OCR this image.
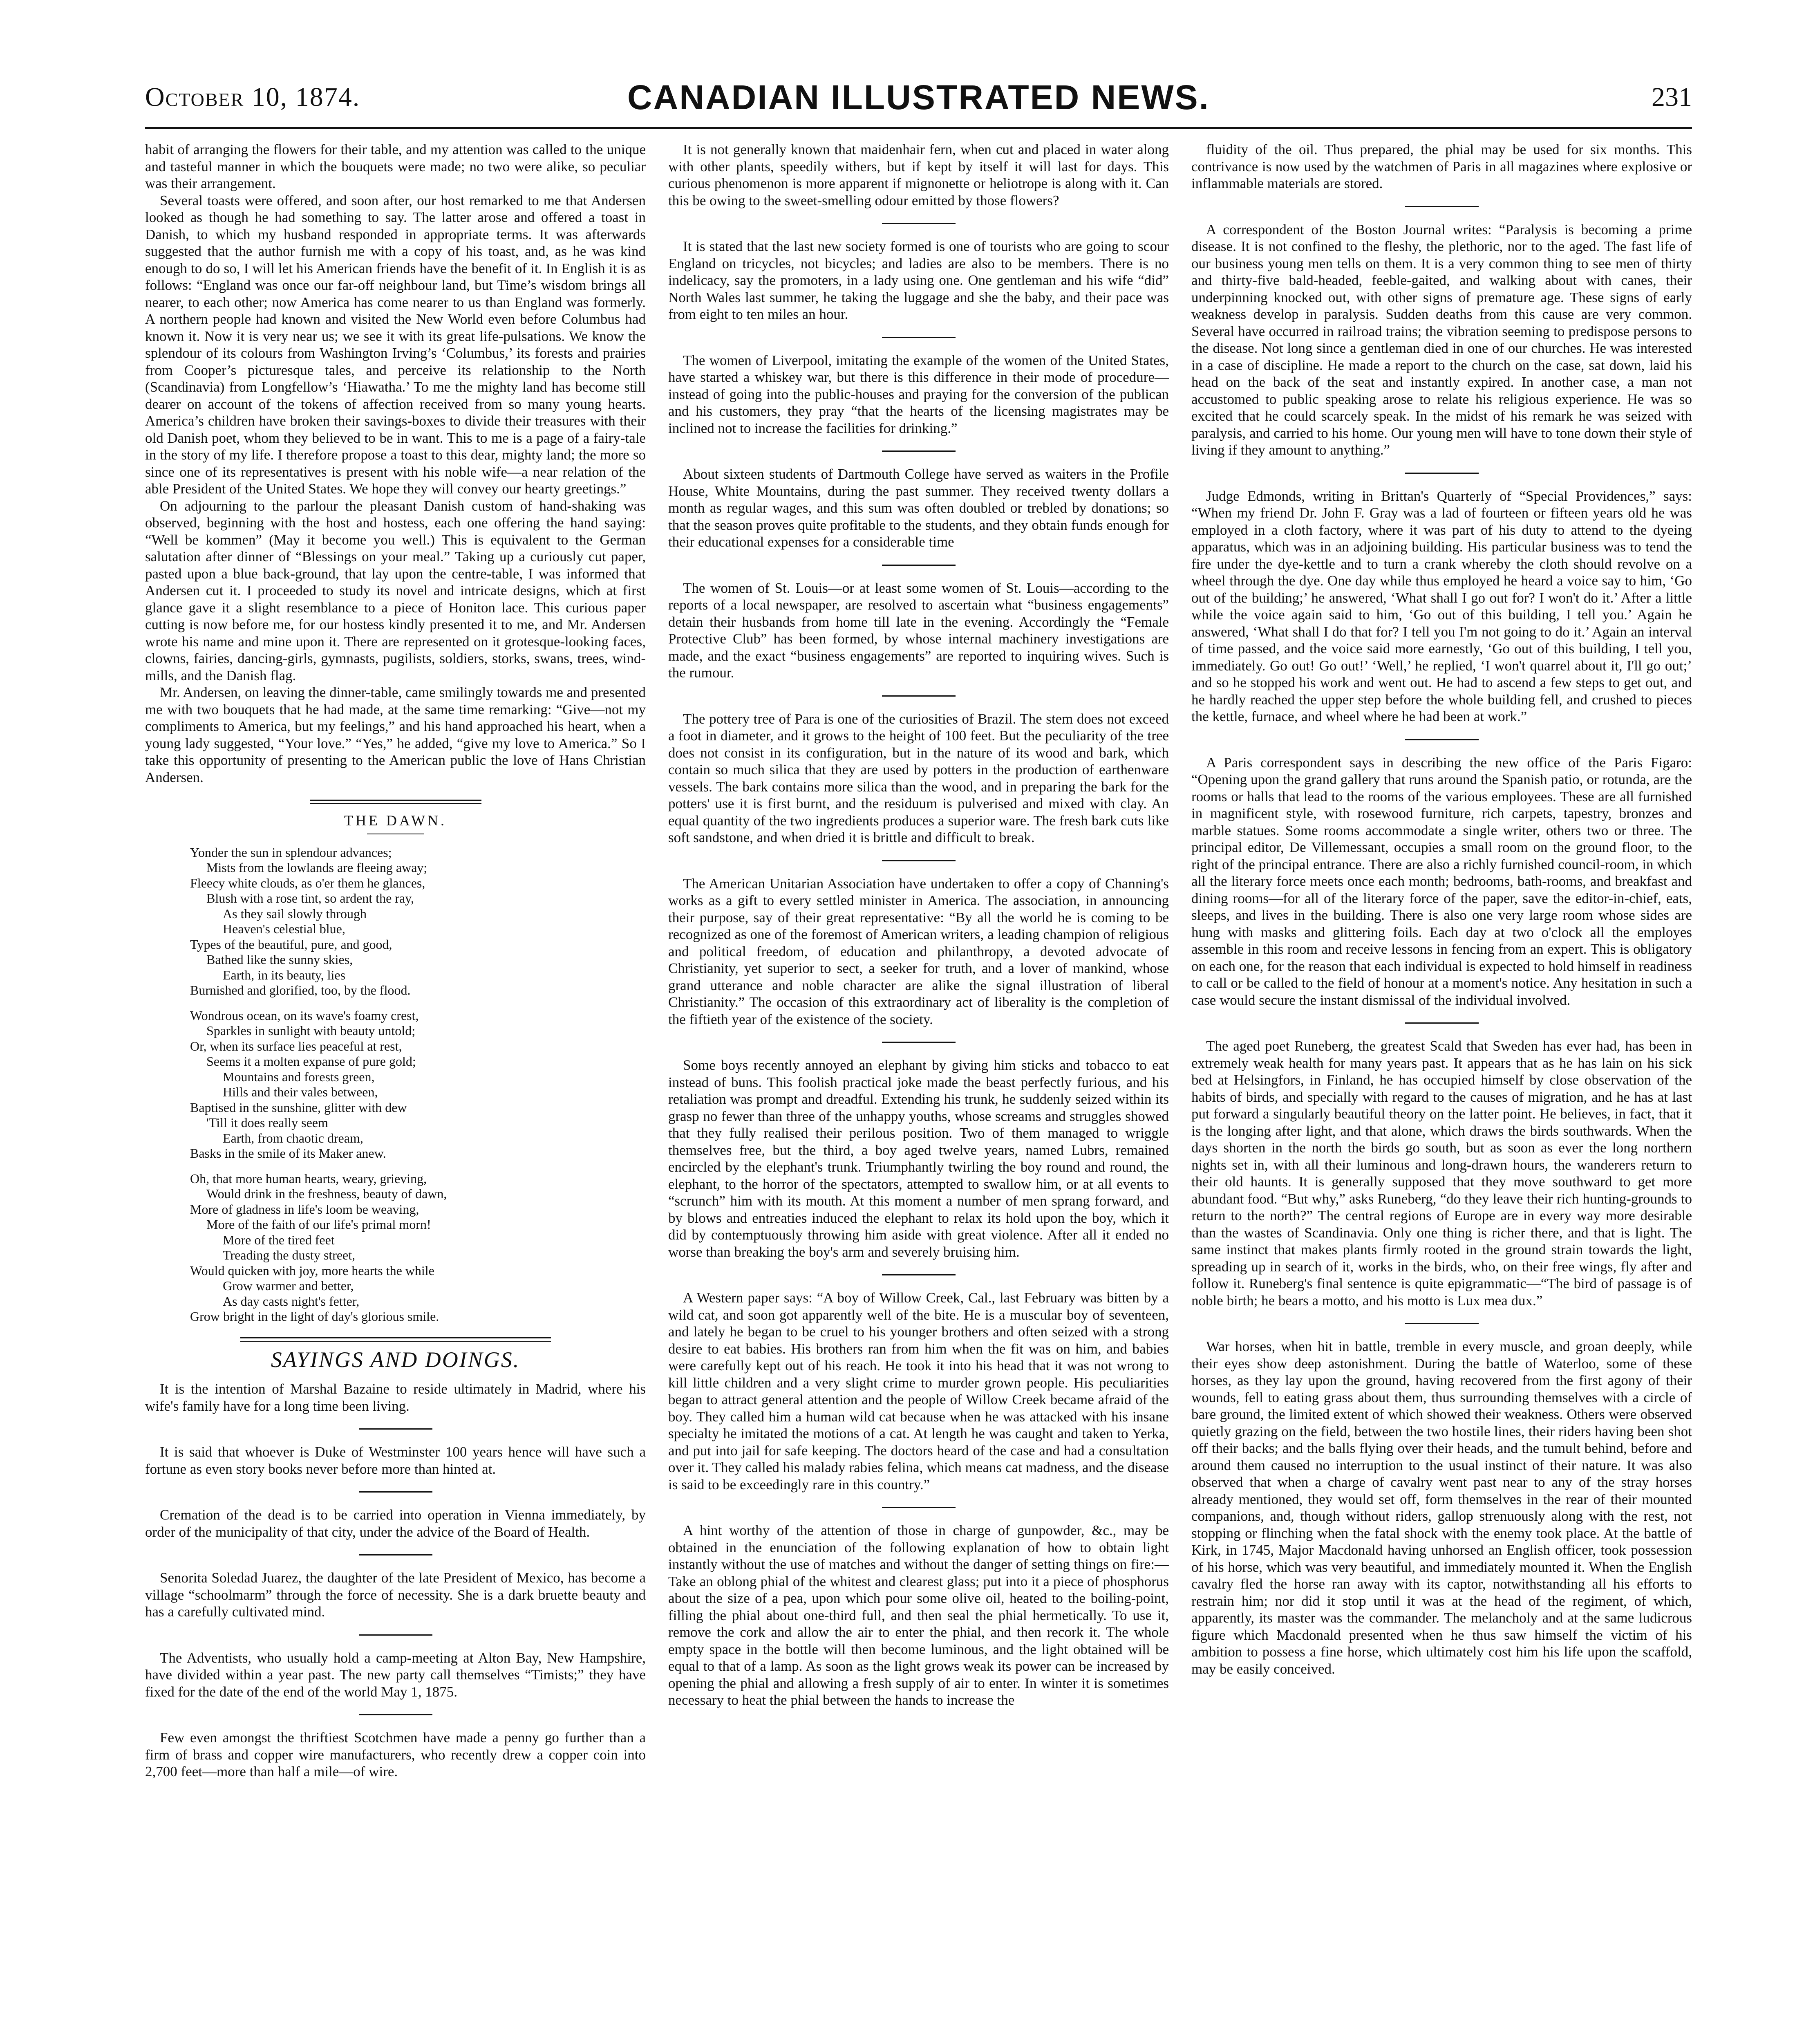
October 10, 1874.	CANADIAN ILLUSTRATED NEWS.	231

habit of arranging the flowers for their table, and my attention was called to the unique and tasteful manner in which the bouquets were made; no two were alike, so peculiar was their arrangement.

Several toasts were offered, and soon after, our host remarked to me that Andersen looked as though he had something to say. The latter arose and offered a toast in Danish, to which my husband responded in appropriate terms. It was afterwards suggested that the author furnish me with a copy of his toast, and, as he was kind enough to do so, I will let his American friends have the benefit of it. In English it is as follows: “England was once our far-off neighbour land, but Time’s wisdom brings all nearer, to each other; now America has come nearer to us than England was formerly. A northern people had known and visited the New World even before Columbus had known it. Now it is very near us; we see it with its great life-pulsations. We know the splendour of its colours from Washington Irving’s ‘Columbus,’ its forests and prairies from Cooper’s picturesque tales, and perceive its relationship to the North (Scandinavia) from Longfellow’s ‘Hiawatha.’ To me the mighty land has become still dearer on account of the tokens of affection received from so many young hearts. America’s children have broken their savings-boxes to divide their treasures with their old Danish poet, whom they believed to be in want. This to me is a page of a fairy-tale in the story of my life. I therefore propose a toast to this dear, mighty land; the more so since one of its representatives is present with his noble wife—a near relation of the able President of the United States. We hope they will convey our hearty greetings.”

On adjourning to the parlour the pleasant Danish custom of hand-shaking was observed, beginning with the host and hostess, each one offering the hand saying: “Well be kommen” (May it become you well.) This is equivalent to the German salutation after dinner of “Blessings on your meal.” Taking up a curiously cut paper, pasted upon a blue back-ground, that lay upon the centre-table, I was informed that Andersen cut it. I proceeded to study its novel and intricate designs, which at first glance gave it a slight resemblance to a piece of Honiton lace. This curious paper cutting is now before me, for our hostess kindly presented it to me, and Mr. Andersen wrote his name and mine upon it. There are represented on it grotesque-looking faces, clowns, fairies, dancing-girls, gymnasts, pugilists, soldiers, storks, swans, trees, wind-mills, and the Danish flag.

Mr. Andersen, on leaving the dinner-table, came smilingly towards me and presented me with two bouquets that he had made, at the same time remarking: “Give—not my compliments to America, but my feelings,” and his hand approached his heart, when a young lady suggested, “Your love.” “Yes,” he added, “give my love to America.” So I take this opportunity of presenting to the American public the love of Hans Christian Andersen.

THE DAWN.
Yonder the sun in splendour advances;
Mists from the lowlands are fleeing away;
Fleecy white clouds, as o'er them he glances,
Blush with a rose tint, so ardent the ray,
As they sail slowly through
Heaven's celestial blue,
Types of the beautiful, pure, and good,
Bathed like the sunny skies,
Earth, in its beauty, lies
Burnished and glorified, too, by the flood.
Wondrous ocean, on its wave's foamy crest,
Sparkles in sunlight with beauty untold;
Or, when its surface lies peaceful at rest,
Seems it a molten expanse of pure gold;
Mountains and forests green,
Hills and their vales between,
Baptised in the sunshine, glitter with dew
'Till it does really seem
Earth, from chaotic dream,
Basks in the smile of its Maker anew.
Oh, that more human hearts, weary, grieving,
Would drink in the freshness, beauty of dawn,
More of gladness in life's loom be weaving,
More of the faith of our life's primal morn!
More of the tired feet
Treading the dusty street,
Would quicken with joy, more hearts the while
Grow warmer and better,
As day casts night's fetter,
Grow bright in the light of day's glorious smile.
SAYINGS AND DOINGS.

It is the intention of Marshal Bazaine to reside ultimately in Madrid, where his wife's family have for a long time been living.

It is said that whoever is Duke of Westminster 100 years hence will have such a fortune as even story books never before more than hinted at.

Cremation of the dead is to be carried into operation in Vienna immediately, by order of the municipality of that city, under the advice of the Board of Health.

Senorita Soledad Juarez, the daughter of the late President of Mexico, has become a village “schoolmarm” through the force of necessity. She is a dark bruette beauty and has a carefully cultivated mind.

The Adventists, who usually hold a camp-meeting at Alton Bay, New Hampshire, have divided within a year past. The new party call themselves “Timists;” they have fixed for the date of the end of the world May 1, 1875.

Few even amongst the thriftiest Scotchmen have made a penny go further than a firm of brass and copper wire manufacturers, who recently drew a copper coin into 2,700 feet—more than half a mile—of wire.

It is not generally known that maidenhair fern, when cut and placed in water along with other plants, speedily withers, but if kept by itself it will last for days. This curious phenomenon is more apparent if mignonette or heliotrope is along with it. Can this be owing to the sweet-smelling odour emitted by those flowers?

It is stated that the last new society formed is one of tourists who are going to scour England on tricycles, not bicycles; and ladies are also to be members. There is no indelicacy, say the promoters, in a lady using one. One gentleman and his wife “did” North Wales last summer, he taking the luggage and she the baby, and their pace was from eight to ten miles an hour.

The women of Liverpool, imitating the example of the women of the United States, have started a whiskey war, but there is this difference in their mode of procedure—instead of going into the public-houses and praying for the conversion of the publican and his customers, they pray “that the hearts of the licensing magistrates may be inclined not to increase the facilities for drinking.”

About sixteen students of Dartmouth College have served as waiters in the Profile House, White Mountains, during the past summer. They received twenty dollars a month as regular wages, and this sum was often doubled or trebled by donations; so that the season proves quite profitable to the students, and they obtain funds enough for their educational expenses for a considerable time

The women of St. Louis—or at least some women of St. Louis—according to the reports of a local newspaper, are resolved to ascertain what “business engagements” detain their husbands from home till late in the evening. Accordingly the “Female Protective Club” has been formed, by whose internal machinery investigations are made, and the exact “business engagements” are reported to inquiring wives. Such is the rumour.

The pottery tree of Para is one of the curiosities of Brazil. The stem does not exceed a foot in diameter, and it grows to the height of 100 feet. But the peculiarity of the tree does not consist in its configuration, but in the nature of its wood and bark, which contain so much silica that they are used by potters in the production of earthenware vessels. The bark contains more silica than the wood, and in preparing the bark for the potters' use it is first burnt, and the residuum is pulverised and mixed with clay. An equal quantity of the two ingredients produces a superior ware. The fresh bark cuts like soft sandstone, and when dried it is brittle and difficult to break.

The American Unitarian Association have undertaken to offer a copy of Channing's works as a gift to every settled minister in America. The association, in announcing their purpose, say of their great representative: “By all the world he is coming to be recognized as one of the foremost of American writers, a leading champion of religious and political freedom, of education and philanthropy, a devoted advocate of Christianity, yet superior to sect, a seeker for truth, and a lover of mankind, whose grand utterance and noble character are alike the signal illustration of liberal Christianity.” The occasion of this extraordinary act of liberality is the completion of the fiftieth year of the existence of the society.

Some boys recently annoyed an elephant by giving him sticks and tobacco to eat instead of buns. This foolish practical joke made the beast perfectly furious, and his retaliation was prompt and dreadful. Extending his trunk, he suddenly seized within its grasp no fewer than three of the unhappy youths, whose screams and struggles showed that they fully realised their perilous position. Two of them managed to wriggle themselves free, but the third, a boy aged twelve years, named Lubrs, remained encircled by the elephant's trunk. Triumphantly twirling the boy round and round, the elephant, to the horror of the spectators, attempted to swallow him, or at all events to “scrunch” him with its mouth. At this moment a number of men sprang forward, and by blows and entreaties induced the elephant to relax its hold upon the boy, which it did by contemptuously throwing him aside with great violence. After all it ended no worse than breaking the boy's arm and severely bruising him.

A Western paper says: “A boy of Willow Creek, Cal., last February was bitten by a wild cat, and soon got apparently well of the bite. He is a muscular boy of seventeen, and lately he began to be cruel to his younger brothers and often seized with a strong desire to eat babies. His brothers ran from him when the fit was on him, and babies were carefully kept out of his reach. He took it into his head that it was not wrong to kill little children and a very slight crime to murder grown people. His peculiarities began to attract general attention and the people of Willow Creek became afraid of the boy. They called him a human wild cat because when he was attacked with his insane specialty he imitated the motions of a cat. At length he was caught and taken to Yerka, and put into jail for safe keeping. The doctors heard of the case and had a consultation over it. They called his malady rabies felina, which means cat madness, and the disease is said to be exceedingly rare in this country.”

A hint worthy of the attention of those in charge of gunpowder, &c., may be obtained in the enunciation of the following explanation of how to obtain light instantly without the use of matches and without the danger of setting things on fire:—Take an oblong phial of the whitest and clearest glass; put into it a piece of phosphorus about the size of a pea, upon which pour some olive oil, heated to the boiling-point, filling the phial about one-third full, and then seal the phial hermetically. To use it, remove the cork and allow the air to enter the phial, and then recork it. The whole empty space in the bottle will then become luminous, and the light obtained will be equal to that of a lamp. As soon as the light grows weak its power can be increased by opening the phial and allowing a fresh supply of air to enter. In winter it is sometimes necessary to heat the phial between the hands to increase the

fluidity of the oil. Thus prepared, the phial may be used for six months. This contrivance is now used by the watchmen of Paris in all magazines where explosive or inflammable materials are stored.

A correspondent of the Boston Journal writes: “Paralysis is becoming a prime disease. It is not confined to the fleshy, the plethoric, nor to the aged. The fast life of our business young men tells on them. It is a very common thing to see men of thirty and thirty-five bald-headed, feeble-gaited, and walking about with canes, their underpinning knocked out, with other signs of premature age. These signs of early weakness develop in paralysis. Sudden deaths from this cause are very common. Several have occurred in railroad trains; the vibration seeming to predispose persons to the disease. Not long since a gentleman died in one of our churches. He was interested in a case of discipline. He made a report to the church on the case, sat down, laid his head on the back of the seat and instantly expired. In another case, a man not accustomed to public speaking arose to relate his religious experience. He was so excited that he could scarcely speak. In the midst of his remark he was seized with paralysis, and carried to his home. Our young men will have to tone down their style of living if they amount to anything.”

Judge Edmonds, writing in Brittan's Quarterly of “Special Providences,” says: “When my friend Dr. John F. Gray was a lad of fourteen or fifteen years old he was employed in a cloth factory, where it was part of his duty to attend to the dyeing apparatus, which was in an adjoining building. His particular business was to tend the fire under the dye-kettle and to turn a crank whereby the cloth should revolve on a wheel through the dye. One day while thus employed he heard a voice say to him, ‘Go out of the building;’ he answered, ‘What shall I go out for? I won't do it.’ After a little while the voice again said to him, ‘Go out of this building, I tell you.’ Again he answered, ‘What shall I do that for? I tell you I'm not going to do it.’ Again an interval of time passed, and the voice said more earnestly, ‘Go out of this building, I tell you, immediately. Go out! Go out!’ ‘Well,’ he replied, ‘I won't quarrel about it, I'll go out;’ and so he stopped his work and went out. He had to ascend a few steps to get out, and he hardly reached the upper step before the whole building fell, and crushed to pieces the kettle, furnace, and wheel where he had been at work.”

A Paris correspondent says in describing the new office of the Paris Figaro: “Opening upon the grand gallery that runs around the Spanish patio, or rotunda, are the rooms or halls that lead to the rooms of the various employees. These are all furnished in magnificent style, with rosewood furniture, rich carpets, tapestry, bronzes and marble statues. Some rooms accommodate a single writer, others two or three. The principal editor, De Villemessant, occupies a small room on the ground floor, to the right of the principal entrance. There are also a richly furnished council-room, in which all the literary force meets once each month; bedrooms, bath-rooms, and breakfast and dining rooms—for all of the literary force of the paper, save the editor-in-chief, eats, sleeps, and lives in the building. There is also one very large room whose sides are hung with masks and glittering foils. Each day at two o'clock all the employes assemble in this room and receive lessons in fencing from an expert. This is obligatory on each one, for the reason that each individual is expected to hold himself in readiness to call or be called to the field of honour at a moment's notice. Any hesitation in such a case would secure the instant dismissal of the individual involved.

The aged poet Runeberg, the greatest Scald that Sweden has ever had, has been in extremely weak health for many years past. It appears that as he has lain on his sick bed at Helsingfors, in Finland, he has occupied himself by close observation of the habits of birds, and specially with regard to the causes of migration, and he has at last put forward a singularly beautiful theory on the latter point. He believes, in fact, that it is the longing after light, and that alone, which draws the birds southwards. When the days shorten in the north the birds go south, but as soon as ever the long northern nights set in, with all their luminous and long-drawn hours, the wanderers return to their old haunts. It is generally supposed that they move southward to get more abundant food. “But why,” asks Runeberg, “do they leave their rich hunting-grounds to return to the north?” The central regions of Europe are in every way more desirable than the wastes of Scandinavia. Only one thing is richer there, and that is light. The same instinct that makes plants firmly rooted in the ground strain towards the light, spreading up in search of it, works in the birds, who, on their free wings, fly after and follow it. Runeberg's final sentence is quite epigrammatic—“The bird of passage is of noble birth; he bears a motto, and his motto is Lux mea dux.”

War horses, when hit in battle, tremble in every muscle, and groan deeply, while their eyes show deep astonishment. During the battle of Waterloo, some of these horses, as they lay upon the ground, having recovered from the first agony of their wounds, fell to eating grass about them, thus surrounding themselves with a circle of bare ground, the limited extent of which showed their weakness. Others were observed quietly grazing on the field, between the two hostile lines, their riders having been shot off their backs; and the balls flying over their heads, and the tumult behind, before and around them caused no interruption to the usual instinct of their nature. It was also observed that when a charge of cavalry went past near to any of the stray horses already mentioned, they would set off, form themselves in the rear of their mounted companions, and, though without riders, gallop strenuously along with the rest, not stopping or flinching when the fatal shock with the enemy took place. At the battle of Kirk, in 1745, Major Macdonald having unhorsed an English officer, took possession of his horse, which was very beautiful, and immediately mounted it. When the English cavalry fled the horse ran away with its captor, notwithstanding all his efforts to restrain him; nor did it stop until it was at the head of the regiment, of which, apparently, its master was the commander. The melancholy and at the same ludicrous figure which Macdonald presented when he thus saw himself the victim of his ambition to possess a fine horse, which ultimately cost him his life upon the scaffold, may be easily conceived.
